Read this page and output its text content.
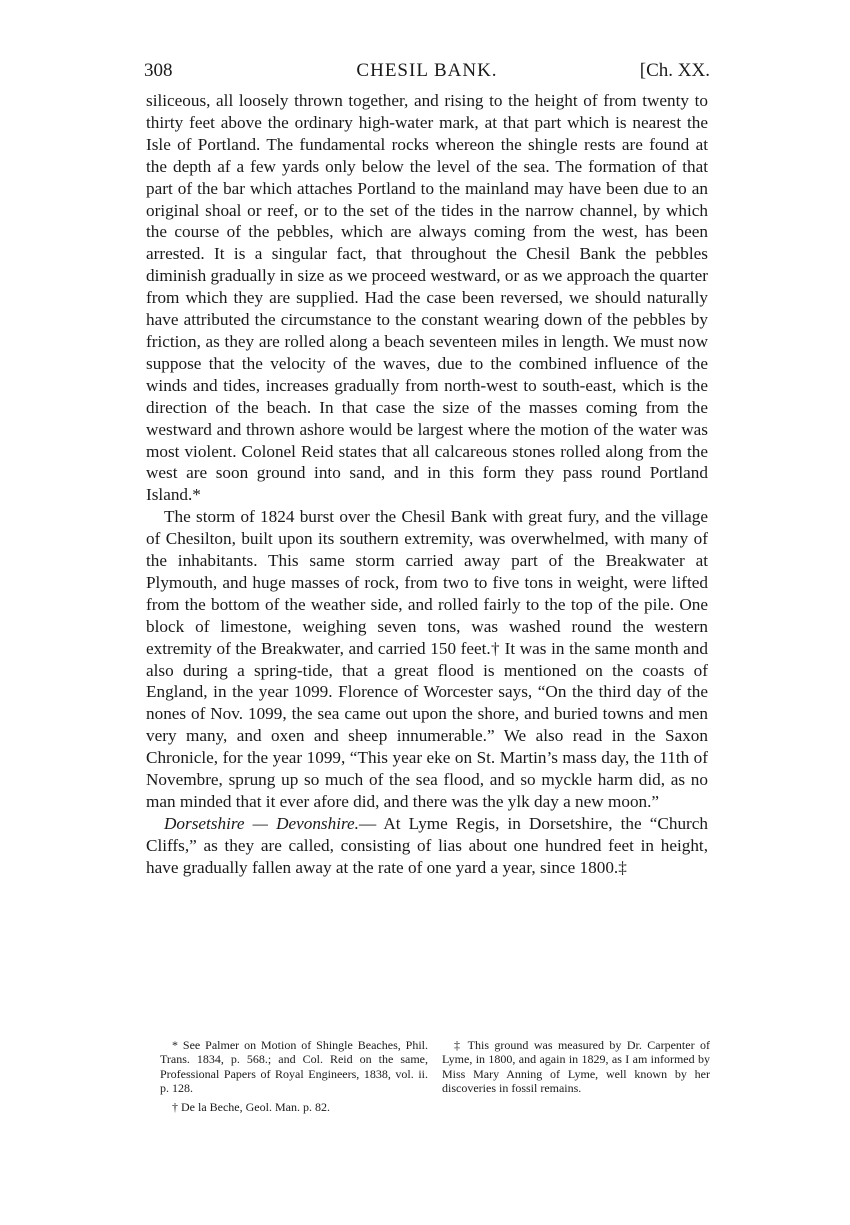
308	CHESIL BANK.	[Ch. XX.

siliceous, all loosely thrown together, and rising to the height of from twenty to thirty feet above the ordinary high-water mark, at that part which is nearest the Isle of Portland. The fundamental rocks whereon the shingle rests are found at the depth af a few yards only below the level of the sea. The formation of that part of the bar which attaches Portland to the mainland may have been due to an original shoal or reef, or to the set of the tides in the narrow channel, by which the course of the pebbles, which are always coming from the west, has been arrested. It is a singular fact, that throughout the Chesil Bank the pebbles diminish gradually in size as we proceed westward, or as we approach the quarter from which they are supplied. Had the case been reversed, we should naturally have attributed the circumstance to the constant wearing down of the pebbles by friction, as they are rolled along a beach seventeen miles in length. We must now suppose that the velocity of the waves, due to the combined influence of the winds and tides, increases gradually from north-west to south-east, which is the direction of the beach. In that case the size of the masses coming from the westward and thrown ashore would be largest where the motion of the water was most violent. Colonel Reid states that all calcareous stones rolled along from the west are soon ground into sand, and in this form they pass round Portland Island.*

The storm of 1824 burst over the Chesil Bank with great fury, and the village of Chesilton, built upon its southern extremity, was overwhelmed, with many of the inhabitants. This same storm carried away part of the Breakwater at Plymouth, and huge masses of rock, from two to five tons in weight, were lifted from the bottom of the weather side, and rolled fairly to the top of the pile. One block of limestone, weighing seven tons, was washed round the western extremity of the Breakwater, and carried 150 feet.† It was in the same month and also during a spring-tide, that a great flood is mentioned on the coasts of England, in the year 1099. Florence of Worcester says, “On the third day of the nones of Nov. 1099, the sea came out upon the shore, and buried towns and men very many, and oxen and sheep innumerable.” We also read in the Saxon Chronicle, for the year 1099, “This year eke on St. Martin’s mass day, the 11th of Novembre, sprung up so much of the sea flood, and so myckle harm did, as no man minded that it ever afore did, and there was the ylk day a new moon.”

Dorsetshire — Devonshire.— At Lyme Regis, in Dorsetshire, the “Church Cliffs,” as they are called, consisting of lias about one hundred feet in height, have gradually fallen away at the rate of one yard a year, since 1800.‡

* See Palmer on Motion of Shingle Beaches, Phil. Trans. 1834, p. 568.; and Col. Reid on the same, Professional Papers of Royal Engineers, 1838, vol. ii. p. 128.

† De la Beche, Geol. Man. p. 82.

‡ This ground was measured by Dr. Carpenter of Lyme, in 1800, and again in 1829, as I am informed by Miss Mary Anning of Lyme, well known by her discoveries in fossil remains.
